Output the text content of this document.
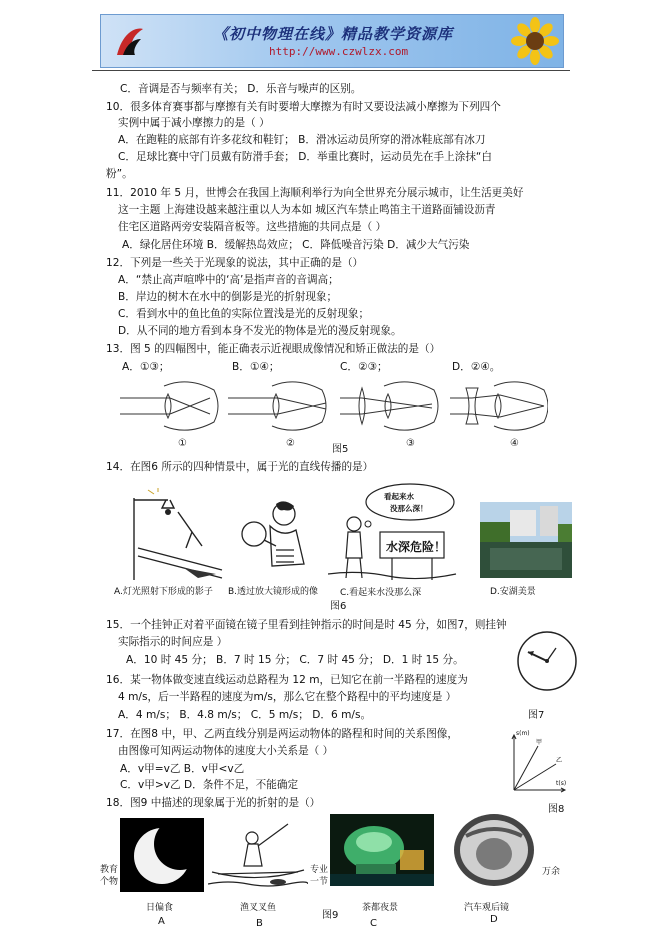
《初中物理在线》精品教学资源库
http://www.czwlzx.com
C．音调是否与频率有关； D．乐音与噪声的区别。
10．很多体育赛事都与摩擦有关有时要增大摩擦为有时又要设法减小摩擦为下列四个
实例中属于减小摩擦力的是（ ）
A．在跑鞋的底部有许多花纹和鞋钉； B．滑冰运动员所穿的滑冰鞋底部有冰刀
C．足球比赛中守门员戴有防滑手套； D．举重比赛时，运动员先在手上涂抹“白
粉”。
11．2010 年 5 月，世博会在我国上海顺利举行为向全世界充分展示城市，让生活更美好
这一主题 上海建设越来越注重以人为本如 城区汽车禁止鸣笛主干道路面铺设沥青
住宅区道路两旁安装隔音板等。这些措施的共同点是（ ）
A．绿化居住环境 B．缓解热岛效应； C．降低噪音污染 D．减少大气污染
12．下列是一些关于光现象的说法，其中正确的是（）
A．“禁止高声喧哗中的‘高’是指声音的音调高；
B．岸边的树木在水中的倒影是光的折射现象；
C．看到水中的鱼比鱼的实际位置浅是光的反射现象；
D．从不同的地方看到本身不发光的物体是光的漫反射现象。
13．图 5 的四幅图中，能正确表示近视眼成像情况和矫正做法的是（）
A．①③；	B．①④；	C．②③；	D．②④。
①	②
图5
③	④
14．在图6 所示的四种情景中，属于光的直线传播的是）
看起来水
没那么深！
水深危险！
A.灯光照射下形成的影子 B.透过放大镜形成的像 C.看起来水没那么深	D.安湖美景
图6
15．一个挂钟正对着平面镜在镜子里看到挂钟指示的时间是时 45 分，如图7，则挂钟
实际指示的时间应是 ）
A．10 时 45 分； B．7 时 15 分； C．7 时 45 分； D．1 时 15 分。
16．某一物体做变速直线运动总路程为 12 m，已知它在前一半路程的速度为
4 m/s，后一半路程的速度为m/s，那么它在整个路程中的平均速度是 ）
图7
A．4 m/s； B．4.8 m/s； C．5 m/s； D．6 m/s。
17．在图8 中，甲、乙两直线分别是两运动物体的路程和时间的关系图像，
由图像可知两运动物体的速度大小关系是（ ）
A．v甲=v乙 B．v甲<v乙
C．v甲>v乙 D．条件不足，不能确定
甲
乙
s(m)
t(s)
图8
18．图9 中描述的现象属于光的折射的是（）
教育
个物
专业
一节
万余
日偏食	渔叉叉鱼
图9
茶都夜景	汽车观后镜
A	B	C	D
